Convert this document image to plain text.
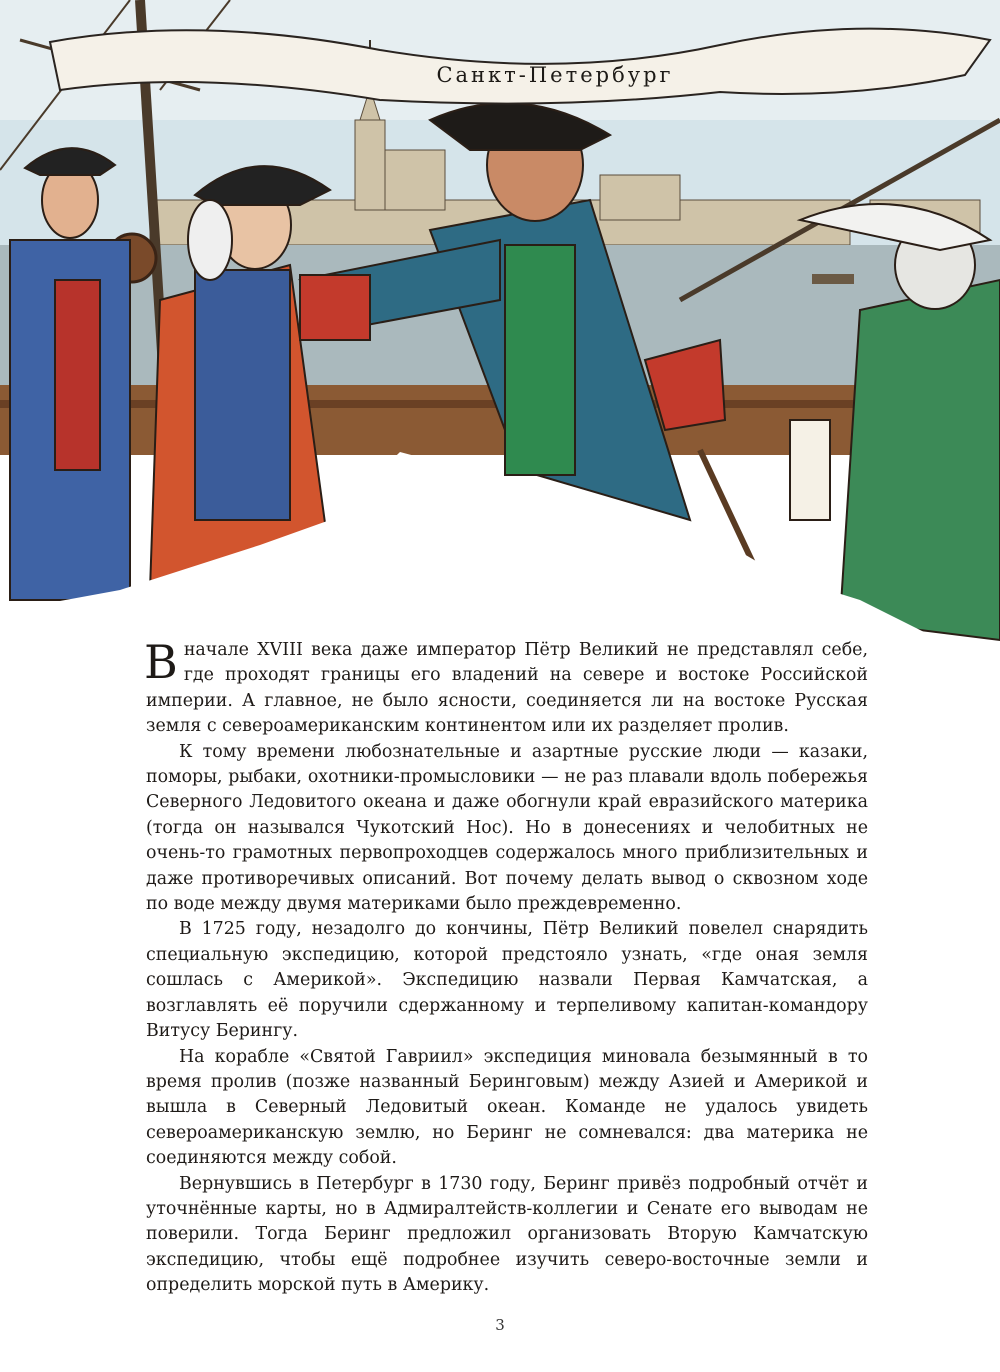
Санкт-Петербург

В начале XVIII века даже император Пётр Великий не представлял себе, где проходят границы его владений на севере и востоке Российской империи. А главное, не было ясности, соединяется ли на востоке Русская земля с североамериканским континентом или их разделяет пролив.

К тому времени любознательные и азартные русские люди — казаки, поморы, рыбаки, охотники-промысловики — не раз плавали вдоль побережья Северного Ледовитого океана и даже обогнули край евразийского материка (тогда он назывался Чукотский Нос). Но в донесениях и челобитных не очень-то грамотных первопроходцев содержалось много приблизительных и даже противоречивых описаний. Вот почему делать вывод о сквозном ходе по воде между двумя материками было преждевременно.

В 1725 году, незадолго до кончины, Пётр Великий повелел снарядить специальную экспедицию, которой предстояло узнать, «где оная земля сошлась с Америкой». Экспедицию назвали Первая Камчатская, а возглавлять её поручили сдержанному и терпеливому капитан-командору Витусу Берингу.

На корабле «Святой Гавриил» экспедиция миновала безымянный в то время пролив (позже названный Беринговым) между Азией и Америкой и вышла в Северный Ледовитый океан. Команде не удалось увидеть североамериканскую землю, но Беринг не сомневался: два материка не соединяются между собой.

Вернувшись в Петербург в 1730 году, Беринг привёз подробный отчёт и уточнённые карты, но в Адмиралтейств-коллегии и Сенате его выводам не поверили. Тогда Беринг предложил организовать Вторую Камчатскую экспедицию, чтобы ещё подробнее изучить северо-восточные земли и определить морской путь в Америку.

3
